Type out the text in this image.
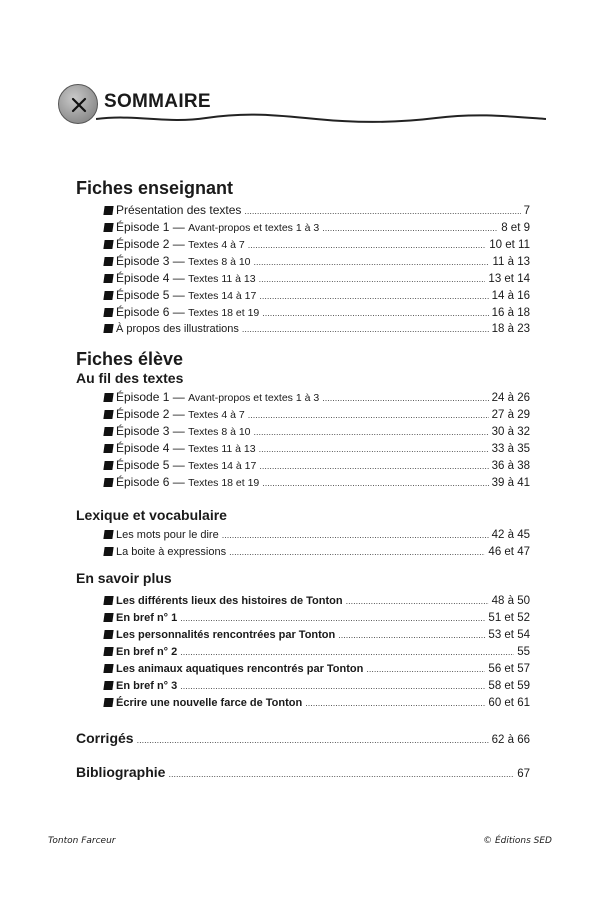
SOMMAIRE
Fiches enseignant
Présentation des textes .....	7
Épisode 1 — Avant-propos et textes 1 à 3 .....	8 et 9
Épisode 2 — Textes 4 à 7 .....	10 et 11
Épisode 3 — Textes 8 à 10 .....	11 à 13
Épisode 4 — Textes 11 à 13 .....	13 et 14
Épisode 5 — Textes 14 à 17 .....	14 à 16
Épisode 6 — Textes 18 et 19 .....	16 à 18
À propos des illustrations .....	18 à 23
Fiches élève
Au fil des textes
Épisode 1 — Avant-propos et textes 1 à 3 .....	24 à 26
Épisode 2 — Textes 4 à 7 .....	27 à 29
Épisode 3 — Textes 8 à 10 .....	30 à 32
Épisode 4 — Textes 11 à 13 .....	33 à 35
Épisode 5 — Textes 14 à 17 .....	36 à 38
Épisode 6 — Textes 18 et 19 .....	39 à 41
Lexique et vocabulaire
Les mots pour le dire .....	42 à 45
La boite à expressions .....	46 et 47
En savoir plus
Les différents lieux des histoires de Tonton .....	48 à 50
En bref n° 1 .....	51 et 52
Les personnalités rencontrées par Tonton .....	53 et 54
En bref n° 2 .....	55
Les animaux aquatiques rencontrés par Tonton .....	56 et 57
En bref n° 3 .....	58 et 59
Écrire une nouvelle farce de Tonton .....	60 et 61
Corrigés .....	62 à 66
Bibliographie .....	67
Tonton Farceur	© Éditions SED
